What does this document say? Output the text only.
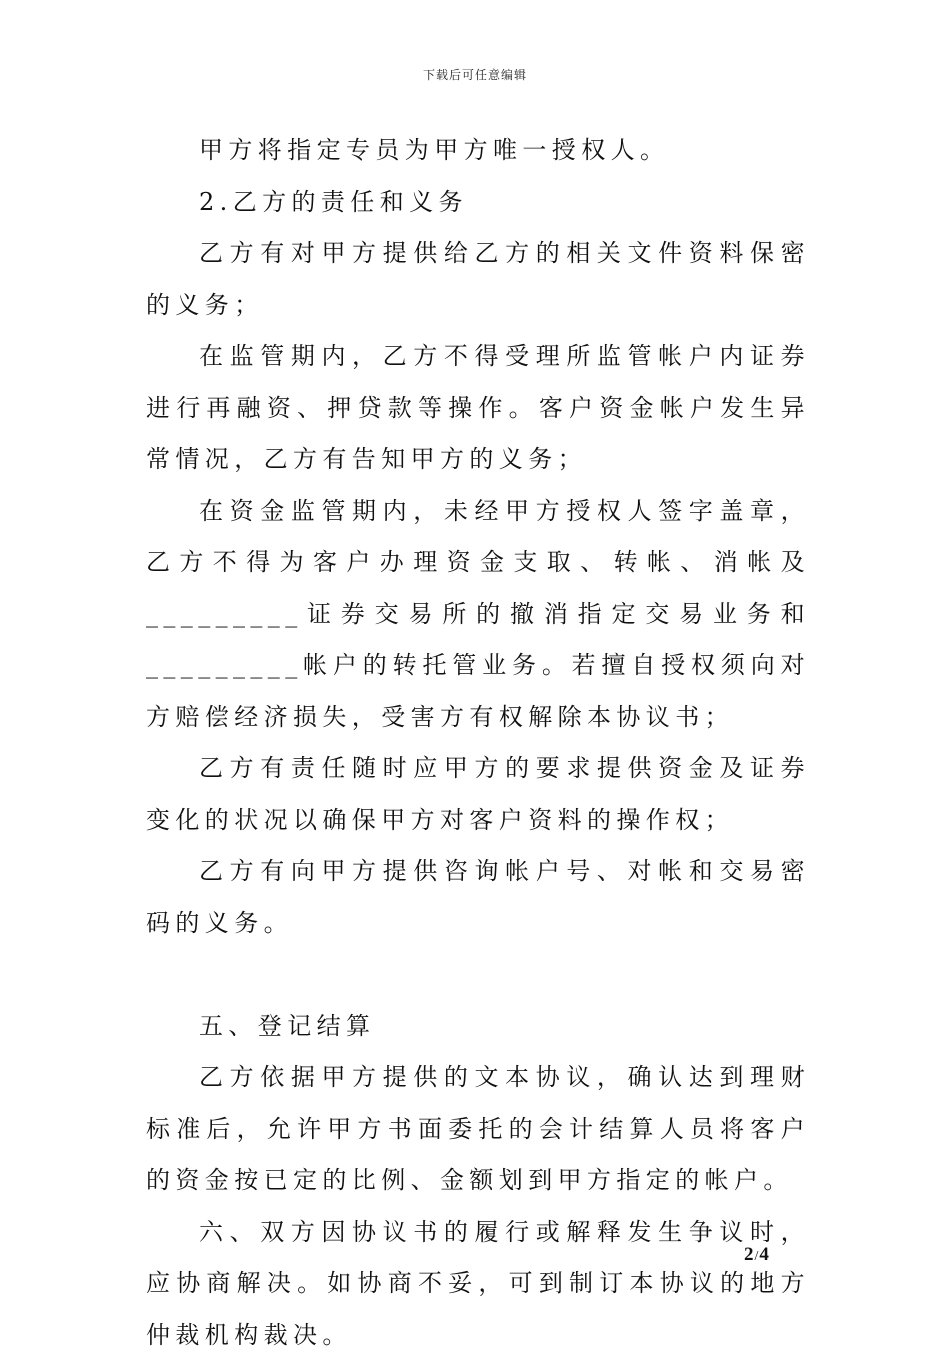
下载后可任意编辑

甲方将指定专员为甲方唯一授权人。

2.乙方的责任和义务

乙方有对甲方提供给乙方的相关文件资料保密的义务；

在监管期内，乙方不得受理所监管帐户内证券进行再融资、押贷款等操作。客户资金帐户发生异常情况，乙方有告知甲方的义务；

在资金监管期内，未经甲方授权人签字盖章，乙方不得为客户办理资金支取、转帐、消帐及_________证券交易所的撤消指定交易业务和_________帐户的转托管业务。若擅自授权须向对方赔偿经济损失，受害方有权解除本协议书；

乙方有责任随时应甲方的要求提供资金及证券变化的状况以确保甲方对客户资料的操作权；

乙方有向甲方提供咨询帐户号、对帐和交易密码的义务。

五、登记结算

乙方依据甲方提供的文本协议，确认达到理财标准后，允许甲方书面委托的会计结算人员将客户的资金按已定的比例、金额划到甲方指定的帐户。

六、双方因协议书的履行或解释发生争议时，应协商解决。如协商不妥，可到制订本协议的地方仲裁机构裁决。

2/4
